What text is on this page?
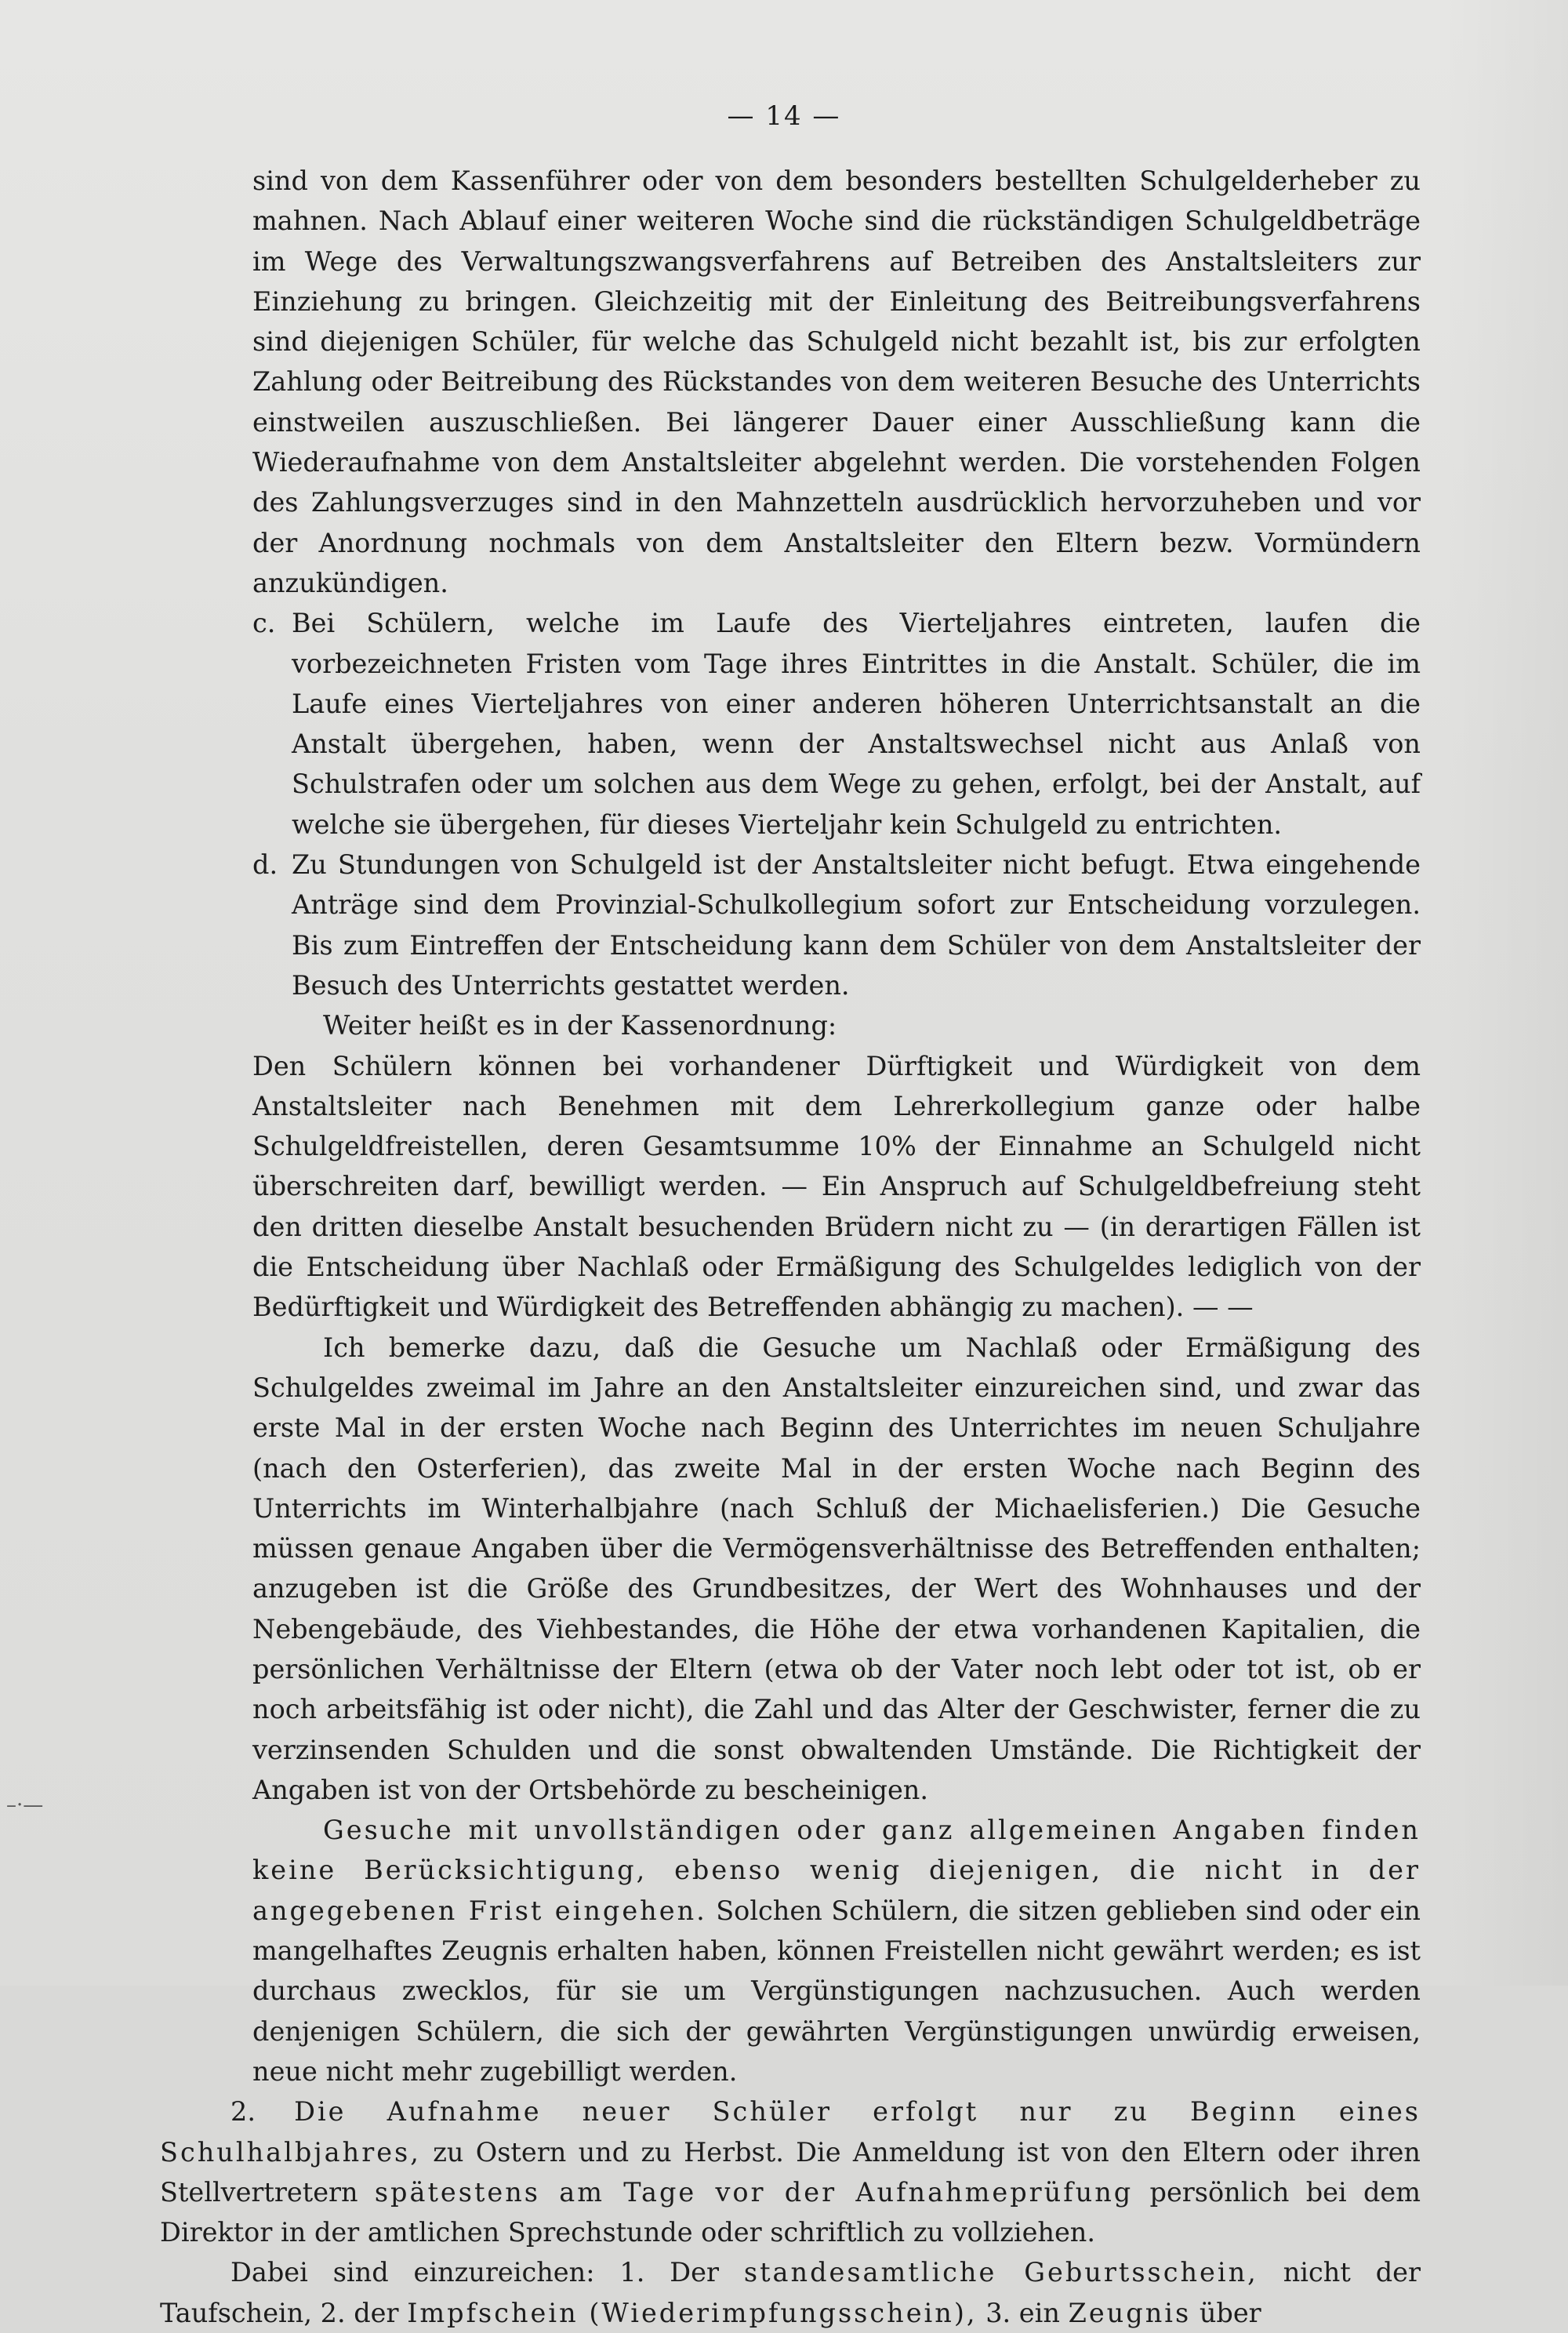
— 14 —

sind von dem Kassenführer oder von dem besonders bestellten Schulgelderheber zu mahnen. Nach Ablauf einer weiteren Woche sind die rückständigen Schulgeldbeträge im Wege des Verwaltungszwangsverfahrens auf Betreiben des Anstaltsleiters zur Einziehung zu bringen. Gleichzeitig mit der Einleitung des Beitreibungsverfahrens sind diejenigen Schüler, für welche das Schulgeld nicht bezahlt ist, bis zur erfolgten Zahlung oder Beitreibung des Rückstandes von dem weiteren Besuche des Unterrichts einstweilen auszuschließen. Bei längerer Dauer einer Ausschließung kann die Wiederaufnahme von dem Anstaltsleiter abgelehnt werden. Die vorstehenden Folgen des Zahlungsverzuges sind in den Mahnzetteln ausdrücklich hervorzuheben und vor der Anordnung nochmals von dem Anstaltsleiter den Eltern bezw. Vormündern anzukündigen.

c. Bei Schülern, welche im Laufe des Vierteljahres eintreten, laufen die vorbezeichneten Fristen vom Tage ihres Eintrittes in die Anstalt. Schüler, die im Laufe eines Vierteljahres von einer anderen höheren Unterrichtsanstalt an die Anstalt übergehen, haben, wenn der Anstaltswechsel nicht aus Anlaß von Schulstrafen oder um solchen aus dem Wege zu gehen, erfolgt, bei der Anstalt, auf welche sie übergehen, für dieses Vierteljahr kein Schulgeld zu entrichten.

d. Zu Stundungen von Schulgeld ist der Anstaltsleiter nicht befugt. Etwa eingehende Anträge sind dem Provinzial-Schulkollegium sofort zur Entscheidung vorzulegen. Bis zum Eintreffen der Entscheidung kann dem Schüler von dem Anstaltsleiter der Besuch des Unterrichts gestattet werden.

Weiter heißt es in der Kassenordnung:

Den Schülern können bei vorhandener Dürftigkeit und Würdigkeit von dem Anstaltsleiter nach Benehmen mit dem Lehrerkollegium ganze oder halbe Schulgeldfreistellen, deren Gesamtsumme 10% der Einnahme an Schulgeld nicht überschreiten darf, bewilligt werden. — Ein Anspruch auf Schulgeldbefreiung steht den dritten dieselbe Anstalt besuchenden Brüdern nicht zu — (in derartigen Fällen ist die Entscheidung über Nachlaß oder Ermäßigung des Schulgeldes lediglich von der Bedürftigkeit und Würdigkeit des Betreffenden abhängig zu machen). — —

Ich bemerke dazu, daß die Gesuche um Nachlaß oder Ermäßigung des Schulgeldes zweimal im Jahre an den Anstaltsleiter einzureichen sind, und zwar das erste Mal in der ersten Woche nach Beginn des Unterrichtes im neuen Schuljahre (nach den Osterferien), das zweite Mal in der ersten Woche nach Beginn des Unterrichts im Winterhalbjahre (nach Schluß der Michaelisferien.) Die Gesuche müssen genaue Angaben über die Vermögensverhältnisse des Betreffenden enthalten; anzugeben ist die Größe des Grundbesitzes, der Wert des Wohnhauses und der Nebengebäude, des Viehbestandes, die Höhe der etwa vorhandenen Kapitalien, die persönlichen Verhältnisse der Eltern (etwa ob der Vater noch lebt oder tot ist, ob er noch arbeitsfähig ist oder nicht), die Zahl und das Alter der Geschwister, ferner die zu verzinsenden Schulden und die sonst obwaltenden Umstände. Die Richtigkeit der Angaben ist von der Ortsbehörde zu bescheinigen.

Gesuche mit unvollständigen oder ganz allgemeinen Angaben finden keine Berücksichtigung, ebenso wenig diejenigen, die nicht in der angegebenen Frist eingehen. Solchen Schülern, die sitzen geblieben sind oder ein mangelhaftes Zeugnis erhalten haben, können Freistellen nicht gewährt werden; es ist durchaus zwecklos, für sie um Vergünstigungen nachzusuchen. Auch werden denjenigen Schülern, die sich der gewährten Vergünstigungen unwürdig erweisen, neue nicht mehr zugebilligt werden.

2. Die Aufnahme neuer Schüler erfolgt nur zu Beginn eines Schulhalbjahres, zu Ostern und zu Herbst. Die Anmeldung ist von den Eltern oder ihren Stellvertretern spätestens am Tage vor der Aufnahmeprüfung persönlich bei dem Direktor in der amtlichen Sprechstunde oder schriftlich zu vollziehen.

Dabei sind einzureichen: 1. Der standesamtliche Geburtsschein, nicht der Taufschein, 2. der Impfschein (Wiederimpfungsschein), 3. ein Zeugnis über

–·—
